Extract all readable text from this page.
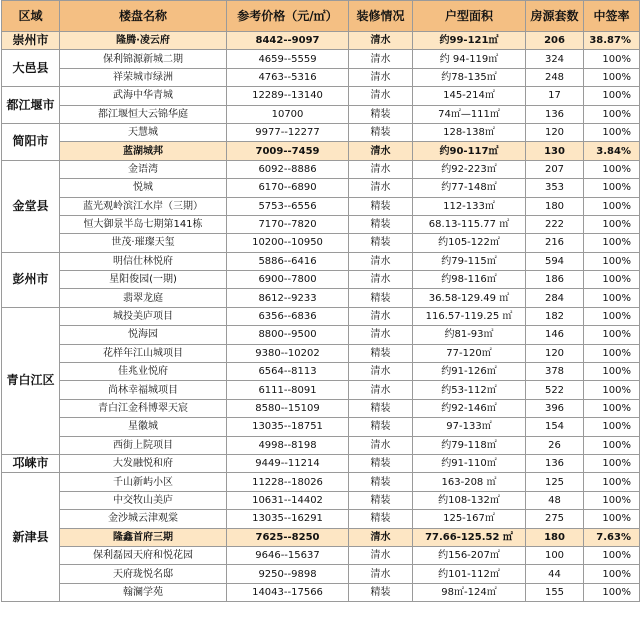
区域	楼盘名称	参考价格（元/㎡）	装修情况	户型面积	房源套数	中签率
崇州市	隆腾·凌云府	8442--9097	清水	约99-121㎡	206	38.87%
大邑县	保利锦源新城二期	4659--5559	清水	约 94-119㎡	324	100%
	祥荣城市绿洲	4763--5316	清水	约78-135㎡	248	100%
都江堰市	武海中华青城	12289--13140	清水	145-214㎡	17	100%
	都江堰恒大云锦华庭	10700	精装	74㎡—111㎡	136	100%
简阳市	天慧城	9977--12277	精装	128-138㎡	120	100%
	蓝湖城邦	7009--7459	清水	约90-117㎡	130	3.84%
金堂县	金语湾	6092--8886	清水	约92-223㎡	207	100%
	悦城	6170--6890	清水	约77-148㎡	353	100%
	蓝光观岭滨江水岸（三期）	5753--6556	精装	112-133㎡	180	100%
	恒大御景半岛七期第141栋	7170--7820	精装	68.13-115.77 ㎡	222	100%
	世茂·璀璨天玺	10200--10950	精装	约105-122㎡	216	100%
彭州市	明信仕林悦府	5886--6416	清水	约79-115㎡	594	100%
	星阳俊园(一期)	6900--7800	清水	约98-116㎡	186	100%
	翡翠龙庭	8612--9233	精装	36.58-129.49 ㎡	284	100%
青白江区	城投美庐项目	6356--6836	清水	116.57-119.25 ㎡	182	100%
	悦海园	8800--9500	清水	约81-93㎡	146	100%
	花样年江山城项目	9380--10202	精装	77-120㎡	120	100%
	佳兆业悦府	6564--8113	清水	约91-126㎡	378	100%
	尚林幸福城项目	6111--8091	清水	约53-112㎡	522	100%
	青白江金科博翠天宸	8580--15109	精装	约92-146㎡	396	100%
	星徽城	13035--18751	精装	97-133㎡	154	100%
	西街上院项目	4998--8198	清水	约79-118㎡	26	100%
邛崃市	大发融悦和府	9449--11214	精装	约91-110㎡	136	100%
新津县	千山新屿小区	11228--18026	精装	163-208 ㎡	125	100%
	中交牧山美庐	10631--14402	精装	约108-132㎡	48	100%
	金沙城云津观棠	13035--16291	精装	125-167㎡	275	100%
	隆鑫首府三期	7625--8250	清水	77.66-125.52 ㎡	180	7.63%
	保利磊园天府和悦花园	9646--15637	清水	约156-207㎡	100	100%
	天府珑悦名邸	9250--9898	清水	约101-112㎡	44	100%
	翰澜学苑	14043--17566	精装	98㎡-124㎡	155	100%
